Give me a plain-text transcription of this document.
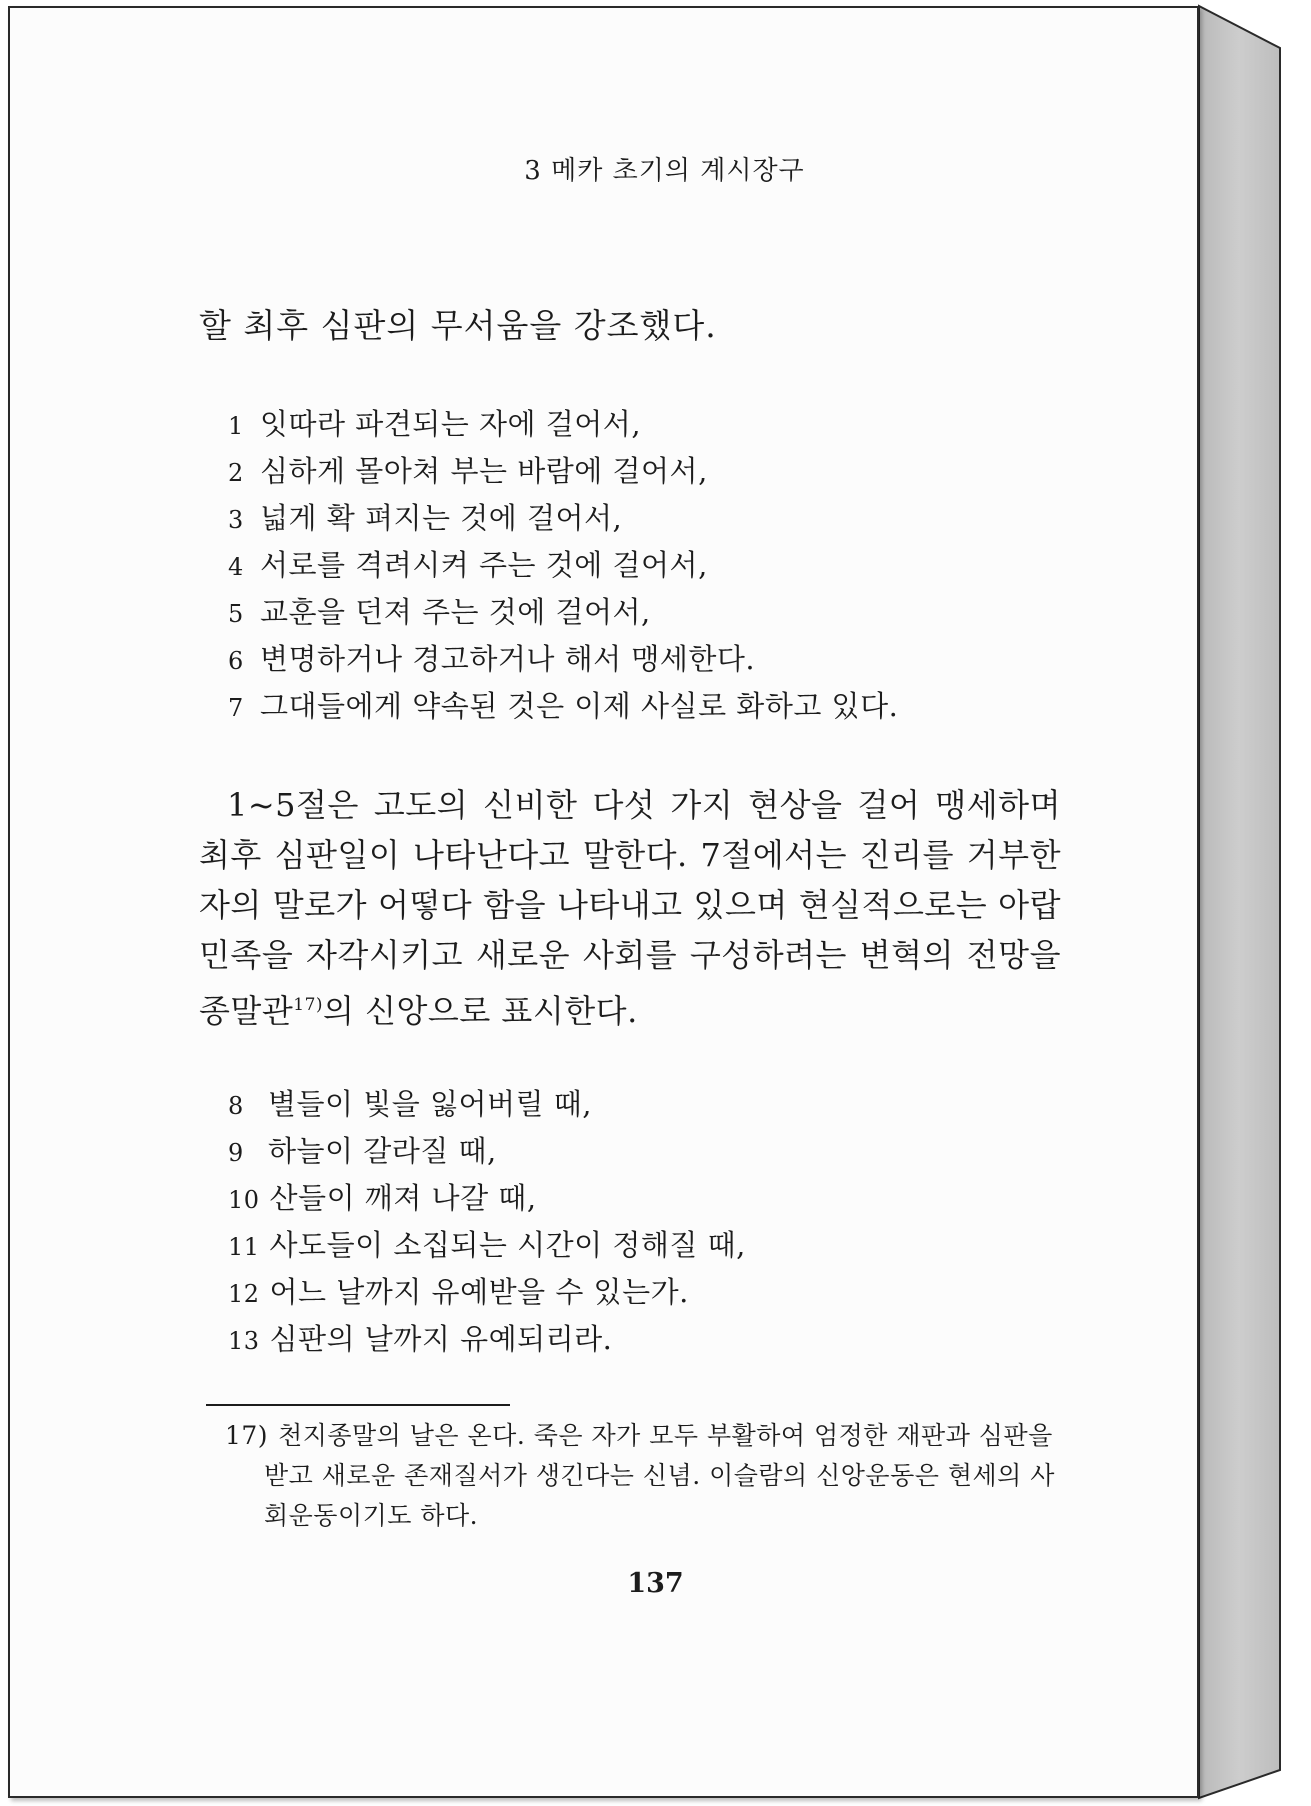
3 메카 초기의 계시장구
할 최후 심판의 무서움을 강조했다.
1 잇따라 파견되는 자에 걸어서,
2 심하게 몰아쳐 부는 바람에 걸어서,
3 넓게 확 펴지는 것에 걸어서,
4 서로를 격려시켜 주는 것에 걸어서,
5 교훈을 던져 주는 것에 걸어서,
6 변명하거나 경고하거나 해서 맹세한다.
7 그대들에게 약속된 것은 이제 사실로 화하고 있다.

1~5절은 고도의 신비한 다섯 가지 현상을 걸어 맹세하며 최후 심판일이 나타난다고 말한다. 7절에서는 진리를 거부한 자의 말로가 어떻다 함을 나타내고 있으며 현실적으로는 아랍 민족을 자각시키고 새로운 사회를 구성하려는 변혁의 전망을 종말관$^{17)}$의 신앙으로 표시한다.

8 별들이 빛을 잃어버릴 때,
9 하늘이 갈라질 때,
10 산들이 깨져 나갈 때,
11 사도들이 소집되는 시간이 정해질 때,
12 어느 날까지 유예받을 수 있는가.
13 심판의 날까지 유예되리라.

17) 천지종말의 날은 온다. 죽은 자가 모두 부활하여 엄정한 재판과 심판을
받고 새로운 존재질서가 생긴다는 신념. 이슬람의 신앙운동은 현세의 사회운동이기도 하다.

137
